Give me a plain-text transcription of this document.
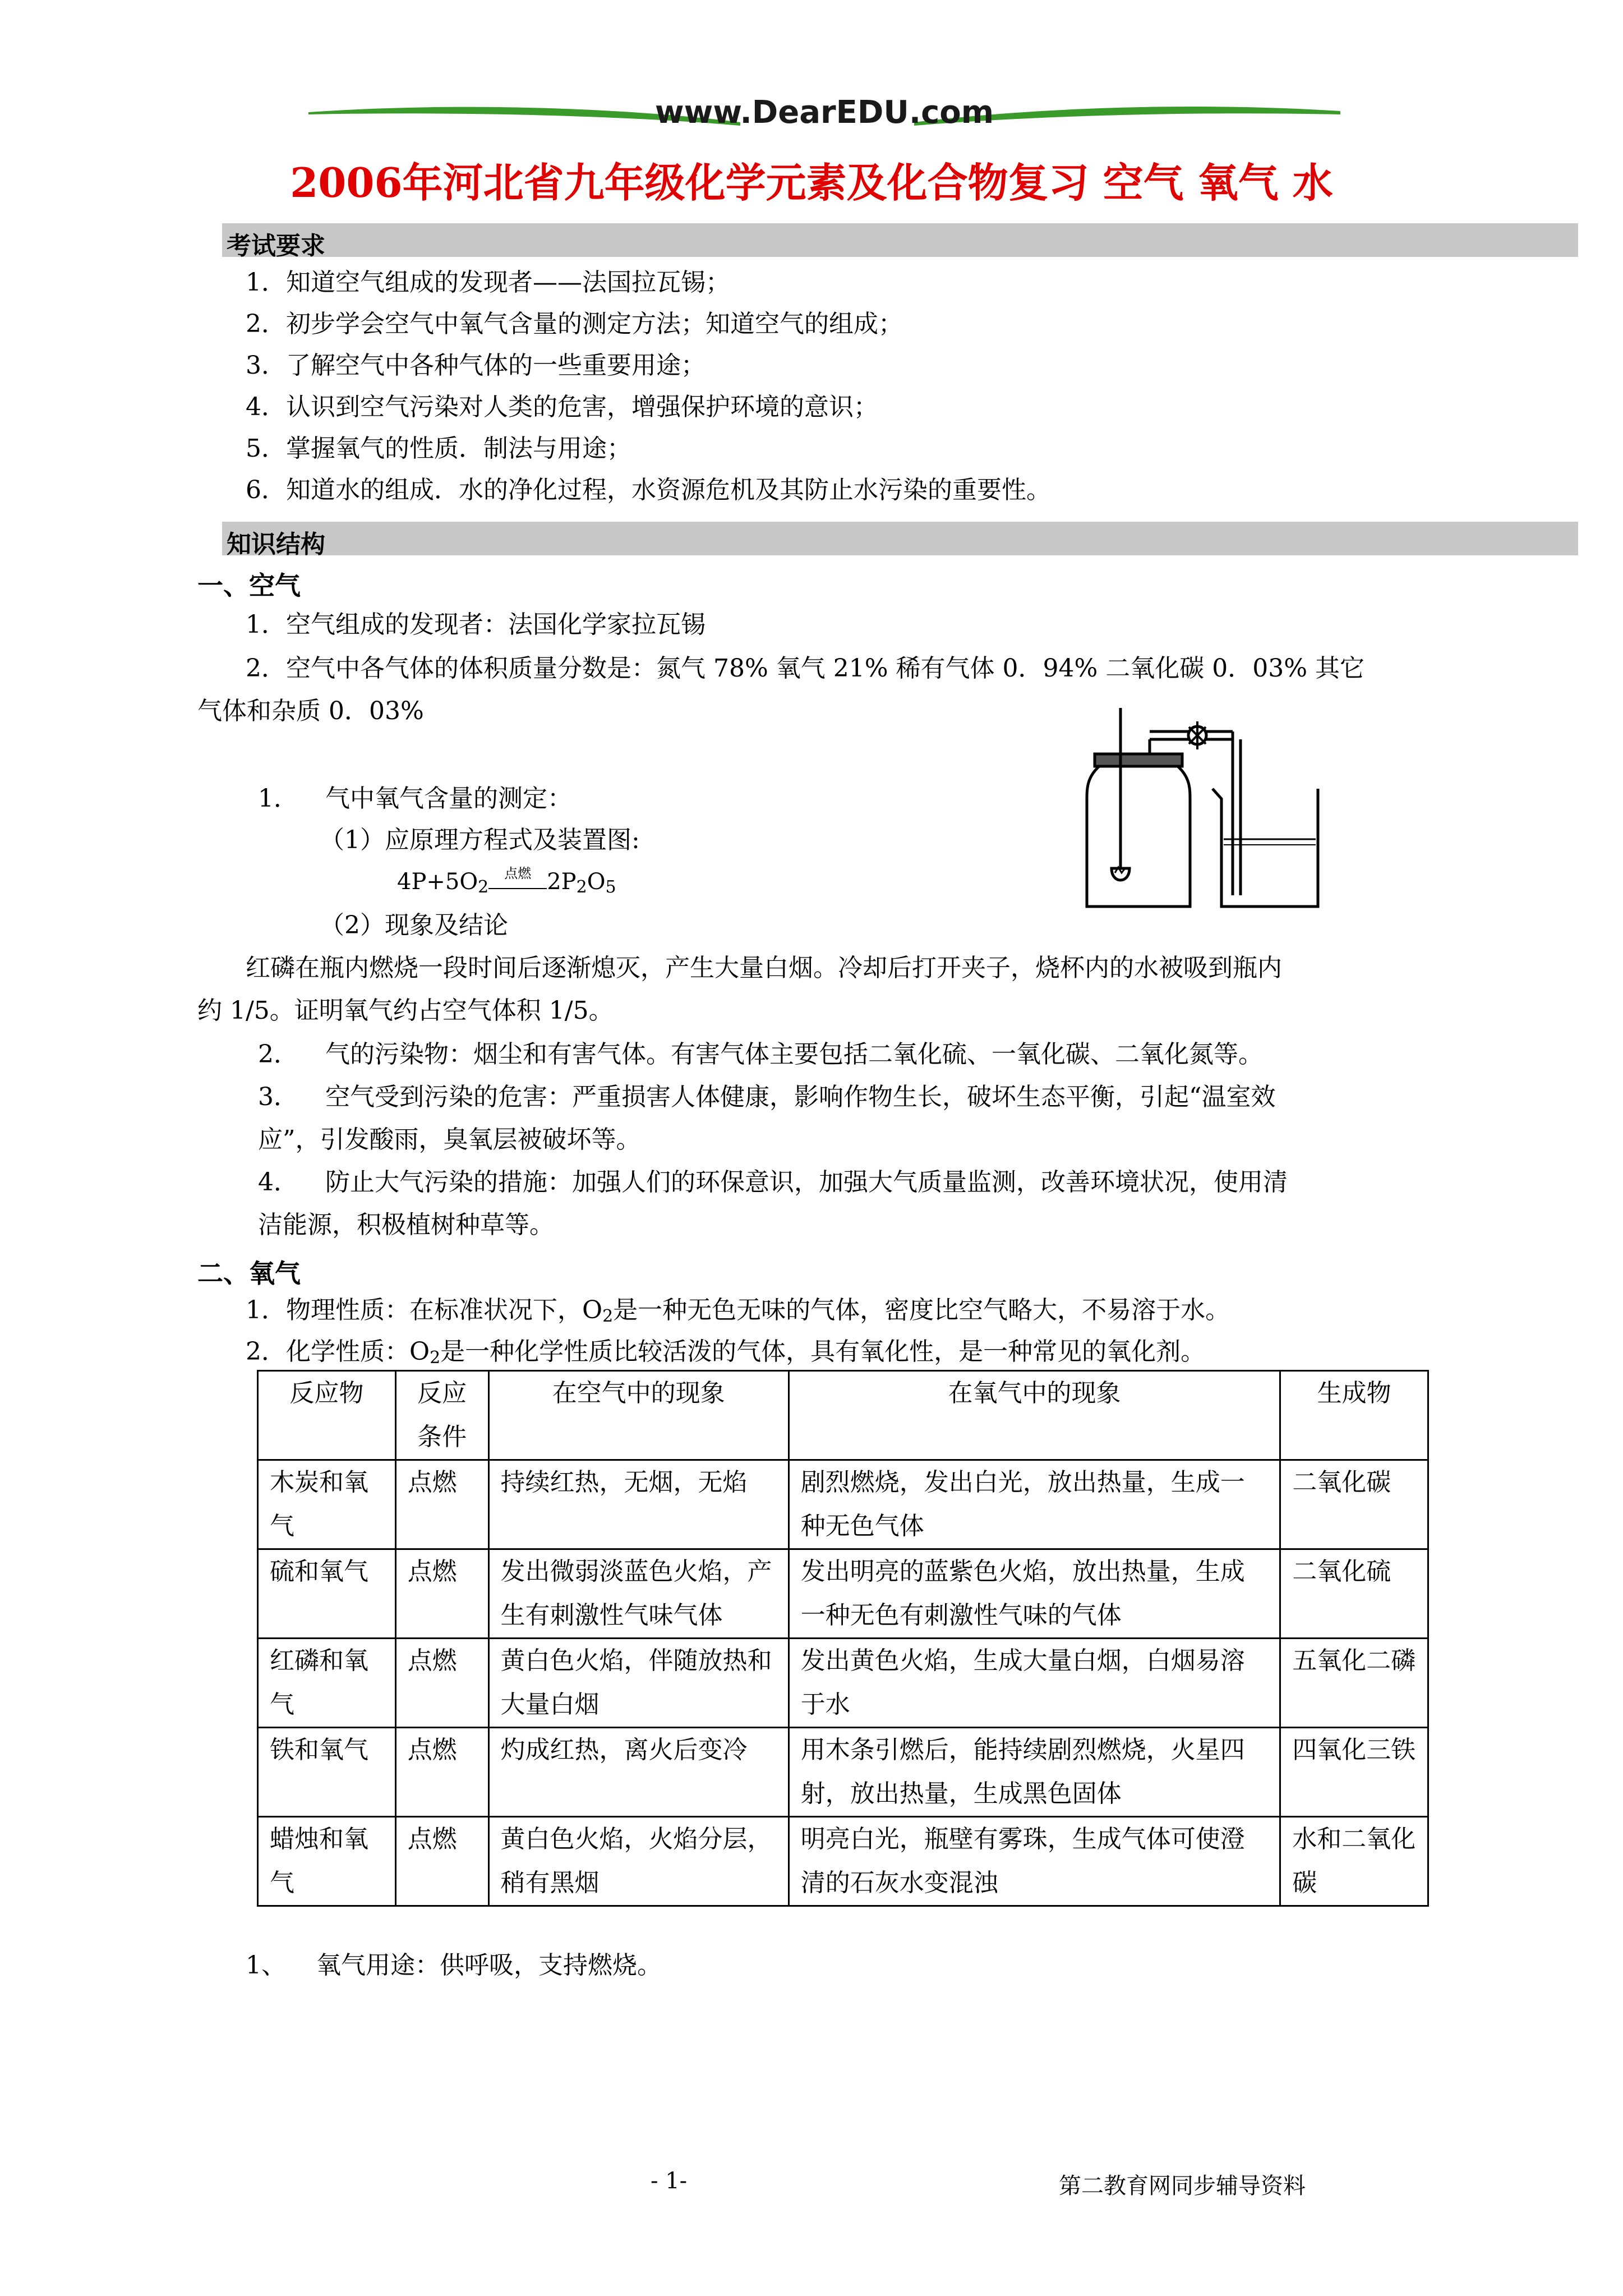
www.DearEDU.com
2006年河北省九年级化学元素及化合物复习 空气 氧气 水
考试要求
1．知道空气组成的发现者——法国拉瓦锡；
2．初步学会空气中氧气含量的测定方法；知道空气的组成；
3．了解空气中各种气体的一些重要用途；
4．认识到空气污染对人类的危害，增强保护环境的意识；
5．掌握氧气的性质．制法与用途；
6．知道水的组成．水的净化过程，水资源危机及其防止水污染的重要性。
知识结构
一、空气
1．空气组成的发现者：法国化学家拉瓦锡
2．空气中各气体的体积质量分数是：氮气 78% 氧气 21% 稀有气体 0．94% 二氧化碳 0．03% 其它
气体和杂质 0．03%
1． 气中氧气含量的测定：
（1）应原理方程式及装置图:
$4P+5O_2$
点燃 $2P_2O_5$
（2）现象及结论
红磷在瓶内燃烧一段时间后逐渐熄灭，产生大量白烟。冷却后打开夹子，烧杯内的水被吸到瓶内
约 1/5。证明氧气约占空气体积 1/5。
2． 气的污染物：烟尘和有害气体。有害气体主要包括二氧化硫、一氧化碳、二氧化氮等。
3． 空气受到污染的危害：严重损害人体健康，影响作物生长，破坏生态平衡，引起“温室效
应”，引发酸雨，臭氧层被破坏等。
4． 防止大气污染的措施：加强人们的环保意识，加强大气质量监测，改善环境状况，使用清
洁能源，积极植树种草等。
二、氧气
1．物理性质：在标准状况下，$O_2$是一种无色无味的气体，密度比空气略大，不易溶于水。
2．化学性质：$O_2$是一种化学性质比较活泼的气体，具有氧化性，是一种常见的氧化剂。
反应物	反应条件	在空气中的现象	在氧气中的现象	生成物
木炭和氧气	点燃	持续红热，无烟，无焰	剧烈燃烧，发出白光，放出热量，生成一种无色气体	二氧化碳
硫和氧气	点燃	发出微弱淡蓝色火焰，产生有刺激性气味气体	发出明亮的蓝紫色火焰，放出热量，生成一种无色有刺激性气味的气体	二氧化硫
红磷和氧气	点燃	黄白色火焰，伴随放热和大量白烟	发出黄色火焰，生成大量白烟，白烟易溶于水	五氧化二磷
铁和氧气	点燃	灼成红热，离火后变冷	用木条引燃后，能持续剧烈燃烧，火星四射，放出热量，生成黑色固体	四氧化三铁
蜡烛和氧气	点燃	黄白色火焰，火焰分层，稍有黑烟	明亮白光，瓶壁有雾珠，生成气体可使澄清的石灰水变混浊	水和二氧化碳
1、 氧气用途：供呼吸，支持燃烧。
- 1-	第二教育网同步辅导资料
